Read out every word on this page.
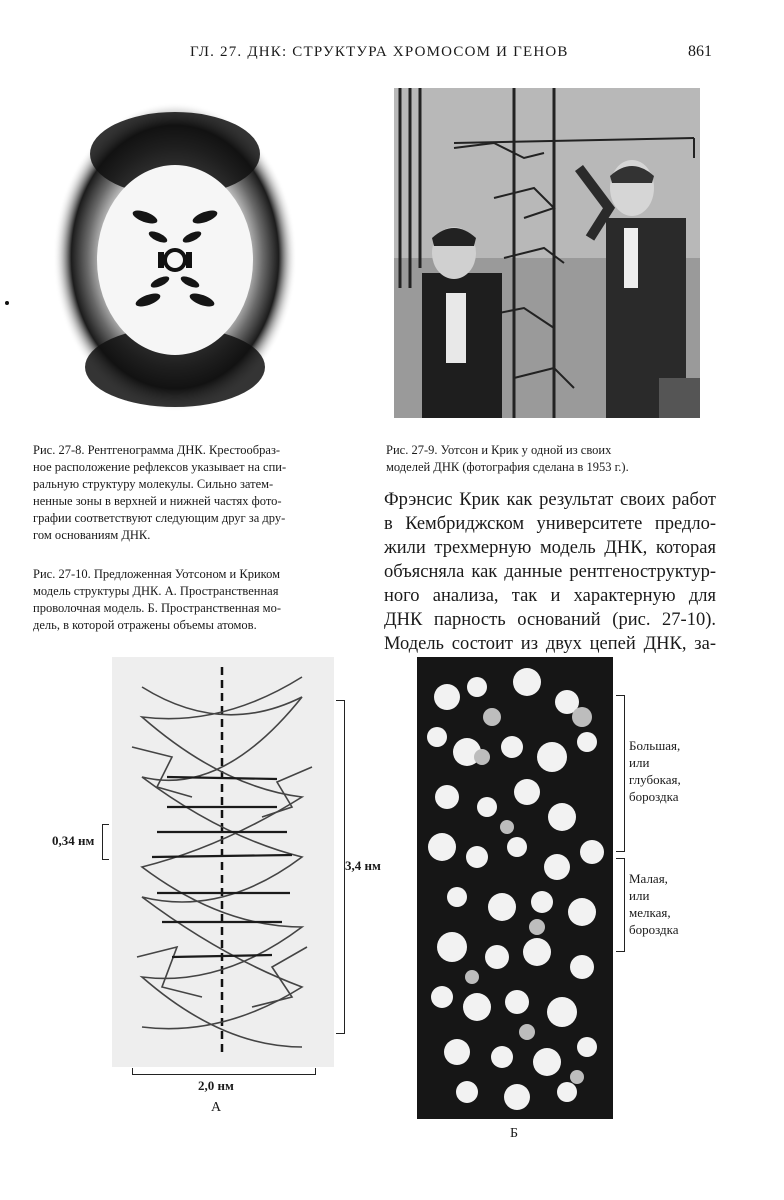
ГЛ. 27. ДНК: СТРУКТУРА ХРОМОСОМ И ГЕНОВ	861
Рис. 27-8. Рентгенограмма ДНК. Крестообраз-
ное расположение рефлексов указывает на спи-
ральную структуру молекулы. Сильно затем-
ненные зоны в верхней и нижней частях фото-
графии соответствуют следующим друг за дру-
гом основаниям ДНК.
Рис. 27-9. Уотсон и Крик у одной из своих
моделей ДНК (фотография сделана в 1953 г.).
Рис. 27-10. Предложенная Уотсоном и Криком
модель структуры ДНК. А. Пространственная
проволочная модель. Б. Пространственная мо-
дель, в которой отражены объемы атомов.
Фрэнсис Крик как результат своих работ
в Кембриджском университете предло-
жили трехмерную модель ДНК, которая
объясняла как данные рентгеноструктур-
ного анализа, так и характерную для
ДНК парность оснований (рис. 27-10).
Модель состоит из двух цепей ДНК, за-
0,34 нм
3,4 нм
2,0 нм
А
Большая,
или
глубокая,
бороздка
Малая,
или
мелкая,
бороздка
Б
